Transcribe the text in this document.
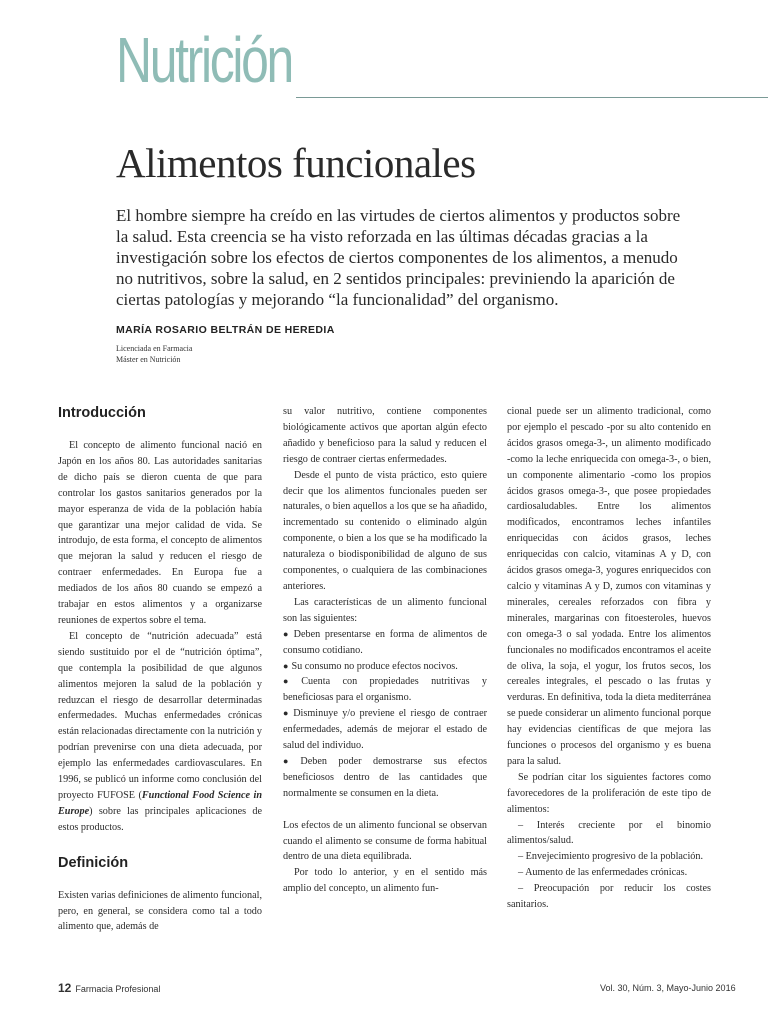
Nutrición
Alimentos funcionales

El hombre siempre ha creído en las virtudes de ciertos alimentos y productos sobre la salud. Esta creencia se ha visto reforzada en las últimas décadas gracias a la investigación sobre los efectos de ciertos componentes de los alimentos, a menudo no nutritivos, sobre la salud, en 2 sentidos principales: previniendo la aparición de ciertas patologías y mejorando “la funcionalidad” del organismo.

MARÍA ROSARIO BELTRÁN DE HEREDIA
Licenciada en Farmacia
Máster en Nutrición
Introducción

El concepto de alimento funcional nació en Japón en los años 80. Las autoridades sanitarias de dicho país se dieron cuenta de que para controlar los gastos sanitarios generados por la mayor esperanza de vida de la población había que garantizar una mejor calidad de vida. Se introdujo, de esta forma, el concepto de alimentos que mejoran la salud y reducen el riesgo de contraer enfermedades. En Europa fue a mediados de los años 80 cuando se empezó a trabajar en estos alimentos y a organizarse reuniones de expertos sobre el tema.

El concepto de “nutrición adecuada” está siendo sustituido por el de “nutrición óptima”, que contempla la posibilidad de que algunos alimentos mejoren la salud de la población y reduzcan el riesgo de desarrollar determinadas enfermedades. Muchas enfermedades crónicas están relacionadas directamente con la nutrición y podrían prevenirse con una dieta adecuada, por ejemplo las enfermedades cardiovasculares. En 1996, se publicó un informe como conclusión del proyecto FUFOSE (Functional Food Science in Europe) sobre las principales aplicaciones de estos productos.

Definición

Existen varias definiciones de alimento funcional, pero, en general, se considera como tal a todo alimento que, además de

su valor nutritivo, contiene componentes biológicamente activos que aportan algún efecto añadido y beneficioso para la salud y reducen el riesgo de contraer ciertas enfermedades.

Desde el punto de vista práctico, esto quiere decir que los alimentos funcionales pueden ser naturales, o bien aquellos a los que se ha añadido, incrementado su contenido o eliminado algún componente, o bien a los que se ha modificado la naturaleza o biodisponibilidad de alguno de sus componentes, o cualquiera de las combinaciones anteriores.

Las características de un alimento funcional son las siguientes:

● Deben presentarse en forma de alimentos de consumo cotidiano.

● Su consumo no produce efectos nocivos.

● Cuenta con propiedades nutritivas y beneficiosas para el organismo.

● Disminuye y/o previene el riesgo de contraer enfermedades, además de mejorar el estado de salud del individuo.

● Deben poder demostrarse sus efectos beneficiosos dentro de las cantidades que normalmente se consumen en la dieta.

Los efectos de un alimento funcional se observan cuando el alimento se consume de forma habitual dentro de una dieta equilibrada.

Por todo lo anterior, y en el sentido más amplio del concepto, un alimento fun-

cional puede ser un alimento tradicional, como por ejemplo el pescado -por su alto contenido en ácidos grasos omega-3-, un alimento modificado -como la leche enriquecida con omega-3-, o bien, un componente alimentario -como los propios ácidos grasos omega-3-, que posee propiedades cardiosaludables. Entre los alimentos modificados, encontramos leches infantiles enriquecidas con ácidos grasos, leches enriquecidas con calcio, vitaminas A y D, con ácidos grasos omega-3, yogures enriquecidos con calcio y vitaminas A y D, zumos con vitaminas y minerales, cereales reforzados con fibra y minerales, margarinas con fitoesteroles, huevos con omega-3 o sal yodada. Entre los alimentos funcionales no modificados encontramos el aceite de oliva, la soja, el yogur, los frutos secos, los cereales integrales, el pescado o las frutas y verduras. En definitiva, toda la dieta mediterránea se puede considerar un alimento funcional porque hay evidencias científicas de que mejora las funciones o procesos del organismo y es buena para la salud.

Se podrían citar los siguientes factores como favorecedores de la proliferación de este tipo de alimentos:

– Interés creciente por el binomio alimentos/salud.

– Envejecimiento progresivo de la población.

– Aumento de las enfermedades crónicas.

– Preocupación por reducir los costes sanitarios.

12 Farmacia Profesional	Vol. 30, Núm. 3, Mayo-Junio 2016
